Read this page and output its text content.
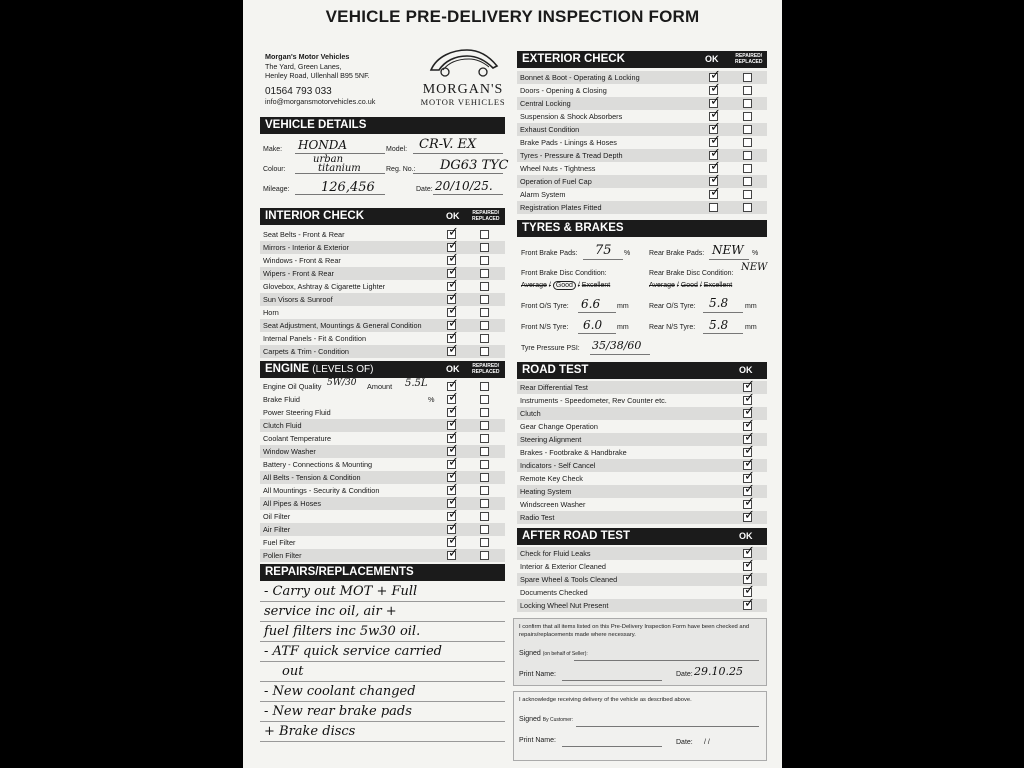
VEHICLE PRE-DELIVERY INSPECTION FORM
Morgan's Motor Vehicles
The Yard, Green Lanes,
Henley Road, Ullenhall B95 5NF.
01564 793 033
info@morgansmotorvehicles.co.uk
MORGAN'S
MOTOR VEHICLES
VEHICLE DETAILS
Make: HONDA	Model: CR-V. EX
urban
Colour:	titanium	Reg. No.: DG63 TYC
Mileage: 126,456	Date: 20/10/25.
INTERIOR CHECK	OK	REPAIRED/
REPLACED
Seat Belts - Front & Rear	✓
Mirrors - Interior & Exterior	✓
Windows - Front & Rear	✓
Wipers - Front & Rear	✓
Glovebox, Ashtray & Cigarette Lighter	✓
Sun Visors & Sunroof	✓
Horn	✓
Seat Adjustment, Mountings & General Condition ✓
Internal Panels - Fit & Condition	✓
Carpets & Trim - Condition	✓
ENGINE (LEVELS OF)	OK	REPAIRED/
REPLACED
Engine Oil Quality 5W/30 Amount 5.5L ✓
Brake Fluid	% ✓
Power Steering Fluid	✓
Clutch Fluid	✓
Coolant Temperature	✓
Window Washer	✓
Battery - Connections & Mounting	✓
All Belts - Tension & Condition	✓
All Mountings - Security & Condition	✓
All Pipes & Hoses	✓
Oil Filter	✓
Air Filter	✓
Fuel Filter	✓
Pollen Filter	✓
REPAIRS/REPLACEMENTS
- Carry out MOT + Full
service inc oil, air +
fuel filters inc 5w30 oil.
- ATF quick service carried
out
- New coolant changed
- New rear brake pads
+ Brake discs
EXTERIOR CHECK	OK	REPAIRED/
REPLACED
Bonnet & Boot - Operating & Locking	✓
Doors - Opening & Closing	✓
Central Locking	✓
Suspension & Shock Absorbers	✓
Exhaust Condition	✓
Brake Pads - Linings & Hoses	✓
Tyres - Pressure & Tread Depth	✓
Wheel Nuts - Tightness	✓
Operation of Fuel Cap	✓
Alarm System	✓
Registration Plates Fitted
TYRES & BRAKES
Front Brake Pads: 75 %	Rear Brake Pads: NEW %
Front Brake Disc Condition:	Rear Brake Disc Condition:
NEW
Average / Good / Excellent	Average / Good / Excellent
Front O/S Tyre: 6.6 mm	Rear O/S Tyre: 5.8 mm
Front N/S Tyre: 6.0 mm	Rear N/S Tyre: 5.8 mm
Tyre Pressure PSI: 35/38/60
ROAD TEST	OK
Rear Differential Test	✓
Instruments - Speedometer, Rev Counter etc.	✓
Clutch	✓
Gear Change Operation	✓
Steering Alignment	✓
Brakes - Footbrake & Handbrake	✓
Indicators - Self Cancel	✓
Remote Key Check	✓
Heating System	✓
Windscreen Washer	✓
Radio Test	✓
AFTER ROAD TEST	OK
Check for Fluid Leaks	✓
Interior & Exterior Cleaned	✓
Spare Wheel & Tools Cleaned	✓
Documents Checked	✓
Locking Wheel Nut Present	✓
I confirm that all items listed on this Pre-Delivery Inspection Form have been checked and repairs/replacements made where necessary.
Signed (on behalf of Seller):
Print Name:	Date: 29.10.25
I acknowledge receiving delivery of the vehicle as described above.
Signed By Customer:
Print Name:	Date: / /
